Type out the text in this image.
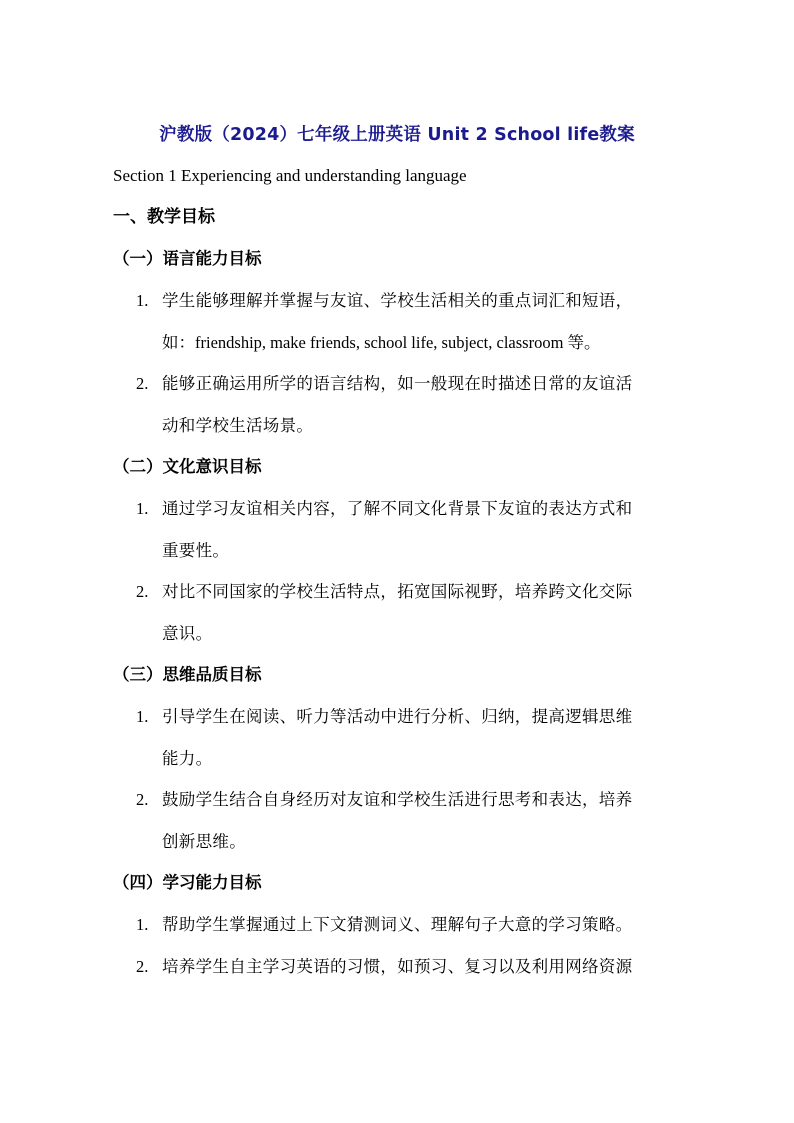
沪教版（2024）七年级上册英语 Unit 2 School life教案
Section 1 Experiencing and understanding language
一、教学目标
（一）语言能力目标
1. 学生能够理解并掌握与友谊、学校生活相关的重点词汇和短语，
如：friendship, make friends, school life, subject, classroom 等。
2. 能够正确运用所学的语言结构，如一般现在时描述日常的友谊活
动和学校生活场景。
（二）文化意识目标
1. 通过学习友谊相关内容，了解不同文化背景下友谊的表达方式和
重要性。
2. 对比不同国家的学校生活特点，拓宽国际视野，培养跨文化交际
意识。
（三）思维品质目标
1. 引导学生在阅读、听力等活动中进行分析、归纳，提高逻辑思维
能力。
2. 鼓励学生结合自身经历对友谊和学校生活进行思考和表达，培养
创新思维。
（四）学习能力目标
1. 帮助学生掌握通过上下文猜测词义、理解句子大意的学习策略。
2. 培养学生自主学习英语的习惯，如预习、复习以及利用网络资源
